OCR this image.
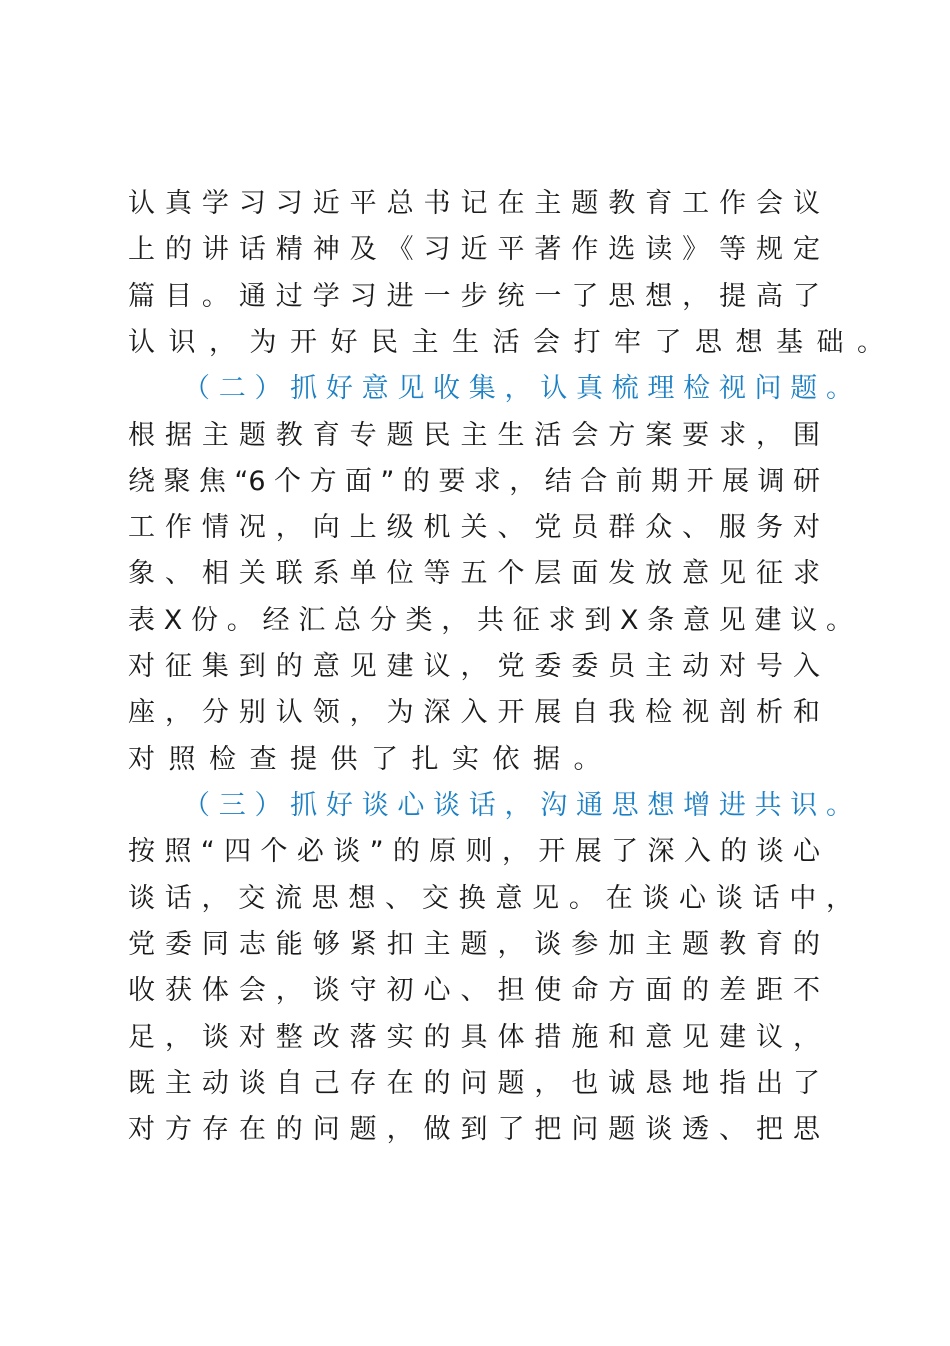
认真学习习近平总书记在主题教育工作会议
上的讲话精神及《习近平著作选读》等规定
篇目。通过学习进一步统一了思想，提高了
认识，为开好民主生活会打牢了思想基础。
（二）抓好意见收集，认真梳理检视问题。
根据主题教育专题民主生活会方案要求，围
绕聚焦“6个方面”的要求，结合前期开展调研
工作情况，向上级机关、党员群众、服务对
象、相关联系单位等五个层面发放意见征求
表X份。经汇总分类，共征求到X条意见建议。
对征集到的意见建议，党委委员主动对号入
座，分别认领，为深入开展自我检视剖析和
对照检查提供了扎实依据。
（三）抓好谈心谈话，沟通思想增进共识。
按照“四个必谈”的原则，开展了深入的谈心
谈话，交流思想、交换意见。在谈心谈话中，
党委同志能够紧扣主题，谈参加主题教育的
收获体会，谈守初心、担使命方面的差距不
足，谈对整改落实的具体措施和意见建议，
既主动谈自己存在的问题，也诚恳地指出了
对方存在的问题，做到了把问题谈透、把思
